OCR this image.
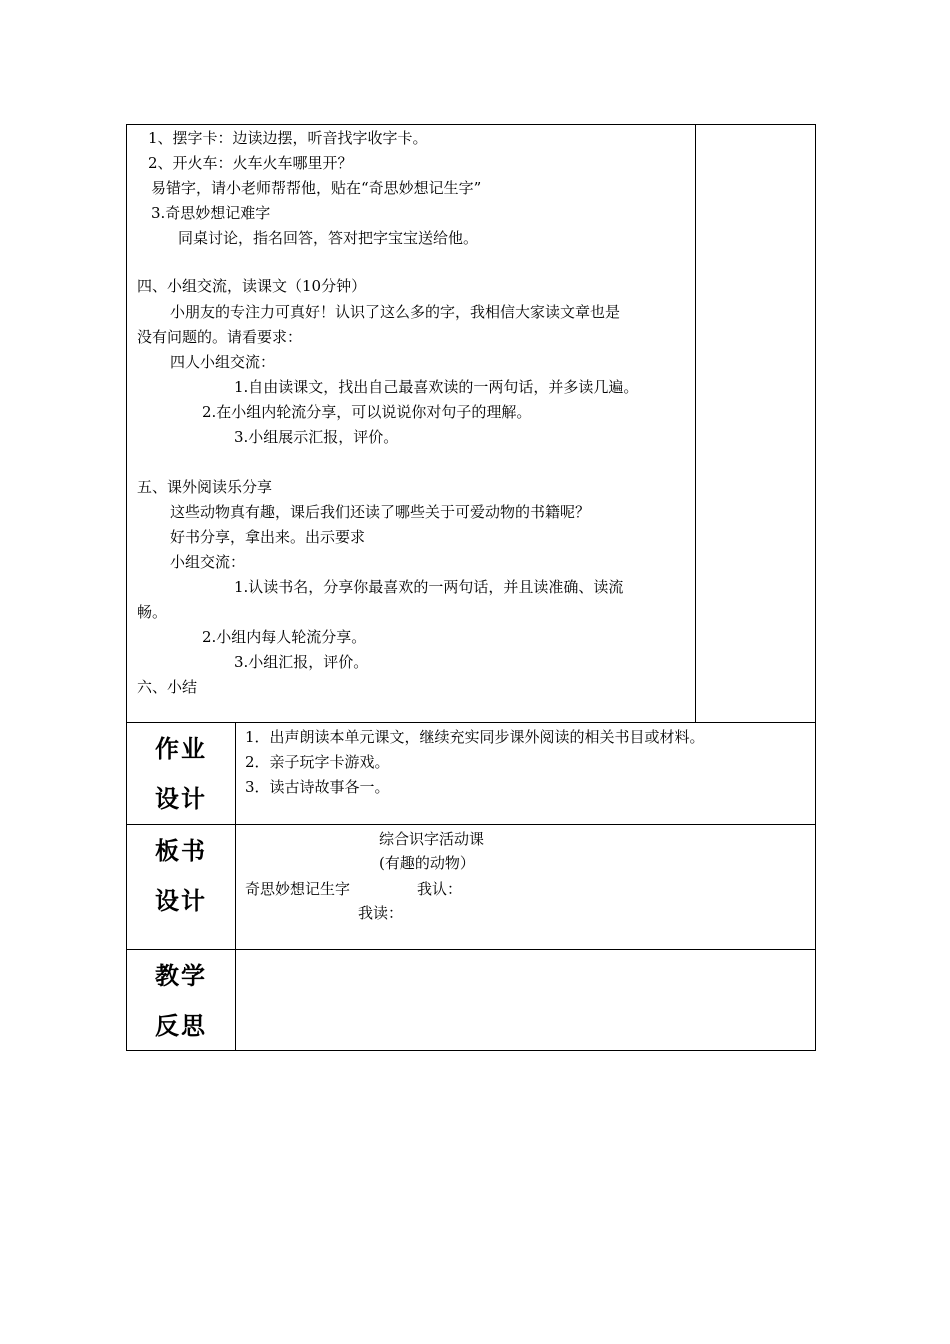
1、摆字卡：边读边摆，听音找字收字卡。
2、开火车：火车火车哪里开？
易错字，请小老师帮帮他，贴在“奇思妙想记生字”
3.奇思妙想记难字
同桌讨论，指名回答，答对把字宝宝送给他。
四、小组交流，读课文（10分钟）
小朋友的专注力可真好！认识了这么多的字，我相信大家读文章也是
没有问题的。请看要求：
四人小组交流：
1.自由读课文，找出自己最喜欢读的一两句话，并多读几遍。
2.在小组内轮流分享，可以说说你对句子的理解。
3.小组展示汇报，评价。
五、课外阅读乐分享
这些动物真有趣，课后我们还读了哪些关于可爱动物的书籍呢？
好书分享，拿出来。出示要求
小组交流：
1.认读书名，分享你最喜欢的一两句话，并且读准确、读流
畅。
2.小组内每人轮流分享。
3.小组汇报，评价。
六、小结
作业
设计
1．出声朗读本单元课文，继续充实同步课外阅读的相关书目或材料。
2．亲子玩字卡游戏。
3．读古诗故事各一。
板书
设计
综合识字活动课
(有趣的动物）
奇思妙想记生字	我认：
我读：
教学
反思
